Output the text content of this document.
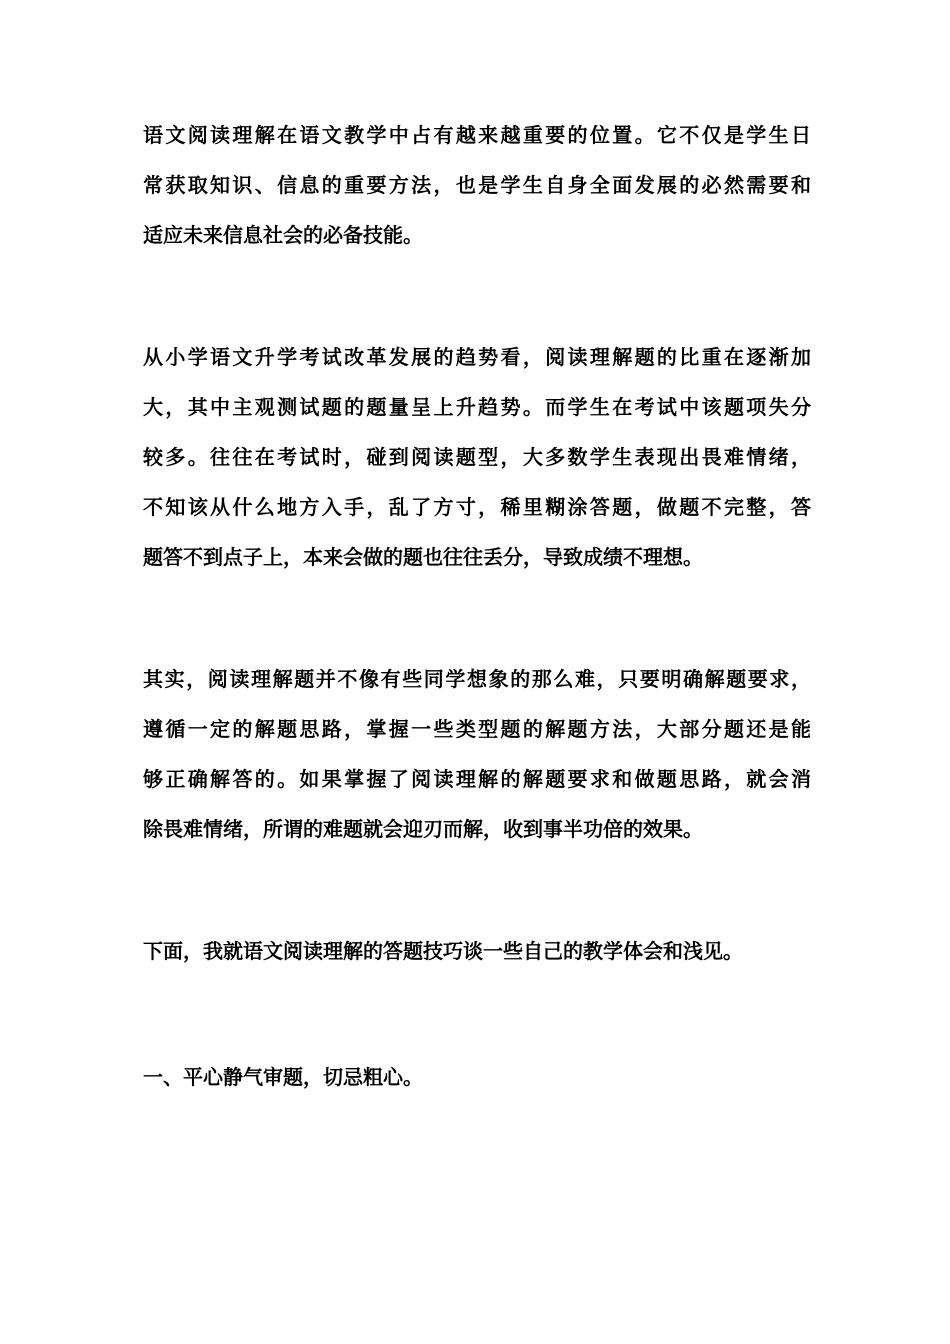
语文阅读理解在语文教学中占有越来越重要的位置。它不仅是学生日
常获取知识、信息的重要方法，也是学生自身全面发展的必然需要和
适应未来信息社会的必备技能。
从小学语文升学考试改革发展的趋势看，阅读理解题的比重在逐渐加
大，其中主观测试题的题量呈上升趋势。而学生在考试中该题项失分
较多。往往在考试时，碰到阅读题型，大多数学生表现出畏难情绪，
不知该从什么地方入手，乱了方寸，稀里糊涂答题，做题不完整，答
题答不到点子上，本来会做的题也往往丢分，导致成绩不理想。
其实，阅读理解题并不像有些同学想象的那么难，只要明确解题要求，
遵循一定的解题思路，掌握一些类型题的解题方法，大部分题还是能
够正确解答的。如果掌握了阅读理解的解题要求和做题思路，就会消
除畏难情绪，所谓的难题就会迎刃而解，收到事半功倍的效果。
下面，我就语文阅读理解的答题技巧谈一些自己的教学体会和浅见。
一、平心静气审题，切忌粗心。
